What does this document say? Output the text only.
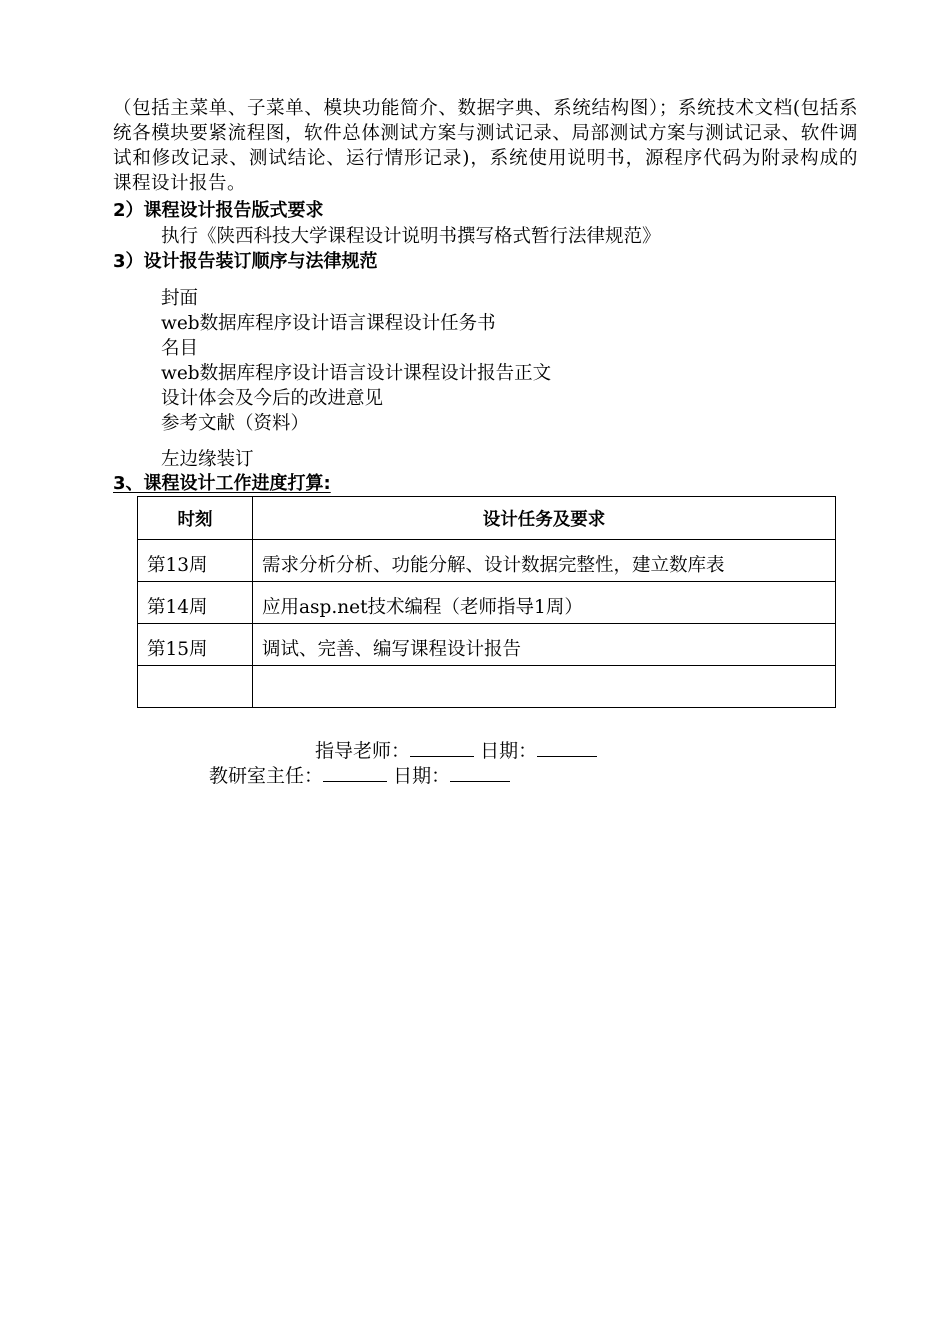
（包括主菜单、子菜单、模块功能简介、数据字典、系统结构图）；系统技术文档(包括系统各模块要紧流程图，软件总体测试方案与测试记录、局部测试方案与测试记录、软件调试和修改记录、测试结论、运行情形记录)，系统使用说明书，源程序代码为附录构成的课程设计报告。
2）课程设计报告版式要求
执行《陕西科技大学课程设计说明书撰写格式暂行法律规范》
3）设计报告装订顺序与法律规范
封面
web数据库程序设计语言课程设计任务书
名目
web数据库程序设计语言设计课程设计报告正文
设计体会及今后的改进意见
参考文献（资料）
左边缘装订
3、课程设计工作进度打算:
时刻	设计任务及要求
第13周	需求分析分析、功能分解、设计数据完整性，建立数库表
第14周	应用asp.net技术编程（老师指导1周）
第15周	调试、完善、编写课程设计报告

指导老师：	日期：
教研室主任：	日期：
